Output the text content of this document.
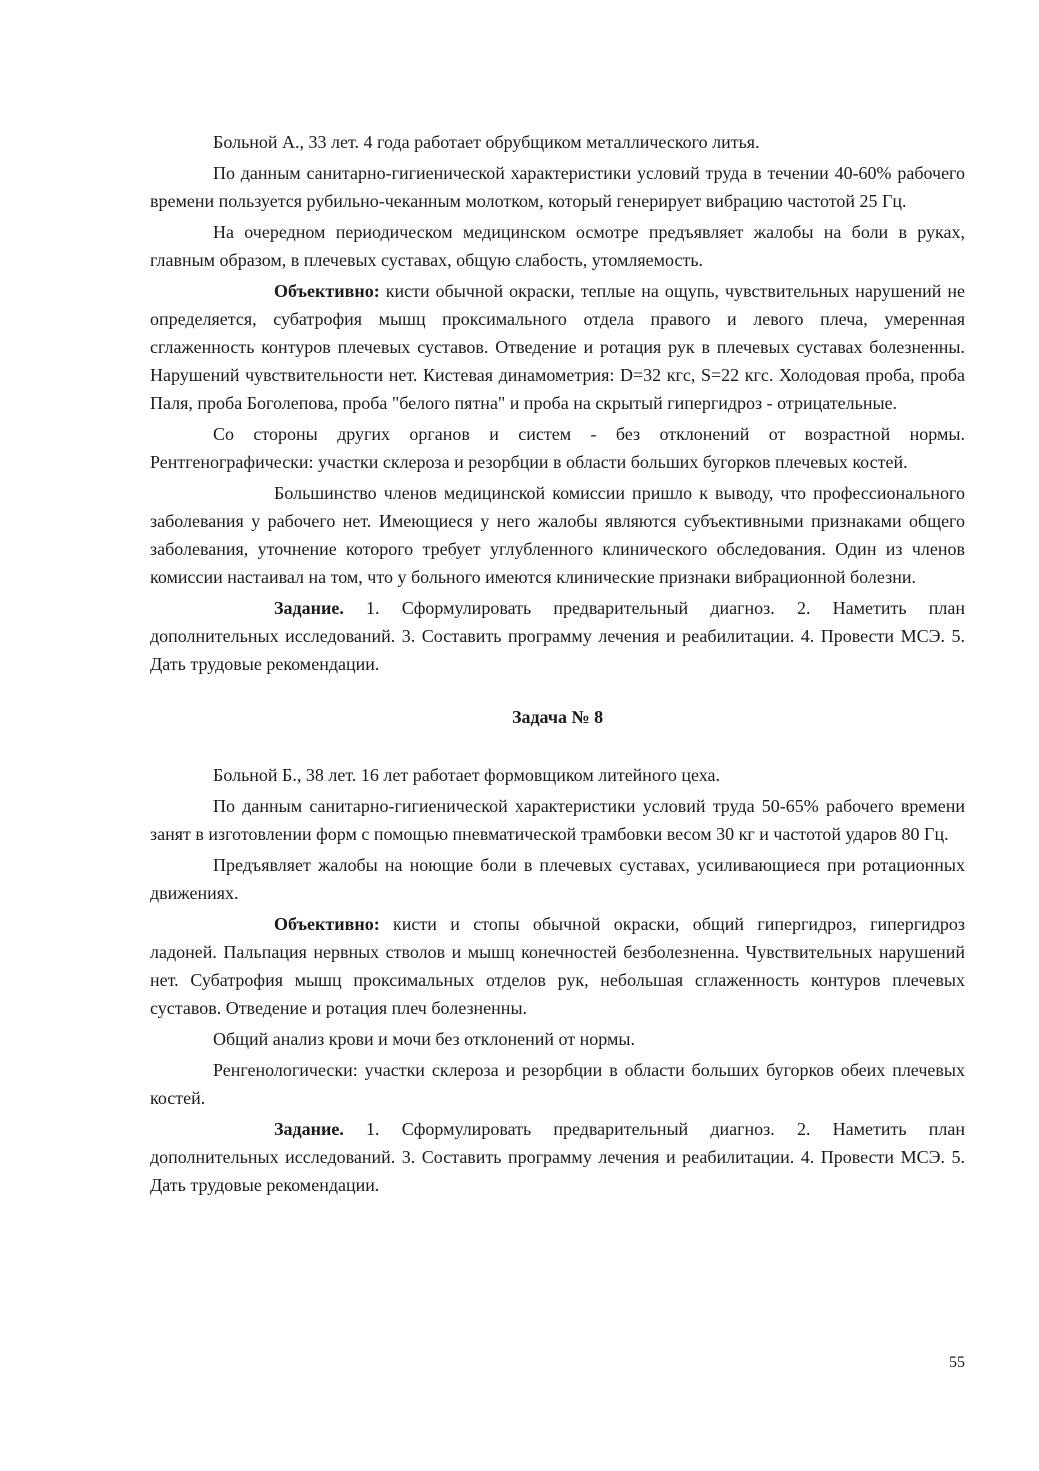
Больной А., 33 лет. 4 года работает обрубщиком металлического литья.

По данным санитарно-гигиенической характеристики условий труда в течении 40-60% рабочего времени пользуется рубильно-чеканным молотком, который генерирует вибрацию частотой 25 Гц.

На очередном периодическом медицинском осмотре предъявляет жалобы на боли в руках, главным образом, в плечевых суставах, общую слабость, утомляемость.

Объективно: кисти обычной окраски, теплые на ощупь, чувствительных нарушений не определяется, субатрофия мышц проксимального отдела правого и левого плеча, умеренная сглаженность контуров плечевых суставов. Отведение и ротация рук в плечевых суставах болезненны. Нарушений чувствительности нет. Кистевая динамометрия: D=32 кгс, S=22 кгс. Холодовая проба, проба Паля, проба Боголепова, проба "белого пятна" и проба на скрытый гипергидроз - отрицательные.

Со стороны других органов и систем - без отклонений от возрастной нормы. Рентгенографически: участки склероза и резорбции в области больших бугорков плечевых костей.

Большинство членов медицинской комиссии пришло к выводу, что профессионального заболевания у рабочего нет. Имеющиеся у него жалобы являются субъективными признаками общего заболевания, уточнение которого требует углубленного клинического обследования. Один из членов комиссии настаивал на том, что у больного имеются клинические признаки вибрационной болезни.

Задание. 1. Сформулировать предварительный диагноз. 2. Наметить план дополнительных исследований. 3. Составить программу лечения и реабилитации. 4. Провести МСЭ. 5. Дать трудовые рекомендации.

Задача № 8

Больной Б., 38 лет. 16 лет работает формовщиком литейного цеха.

По данным санитарно-гигиенической характеристики условий труда 50-65% рабочего времени занят в изготовлении форм с помощью пневматической трамбовки весом 30 кг и частотой ударов 80 Гц.

Предъявляет жалобы на ноющие боли в плечевых суставах, усиливающиеся при ротационных движениях.

Объективно: кисти и стопы обычной окраски, общий гипергидроз, гипергидроз ладоней. Пальпация нервных стволов и мышц конечностей безболезненна. Чувствительных нарушений нет. Субатрофия мышц проксимальных отделов рук, небольшая сглаженность контуров плечевых суставов. Отведение и ротация плеч болезненны.

Общий анализ крови и мочи без отклонений от нормы.

Ренгенологически: участки склероза и резорбции в области больших бугорков обеих плечевых костей.

Задание. 1. Сформулировать предварительный диагноз. 2. Наметить план дополнительных исследований. 3. Составить программу лечения и реабилитации. 4. Провести МСЭ. 5. Дать трудовые рекомендации.

55
